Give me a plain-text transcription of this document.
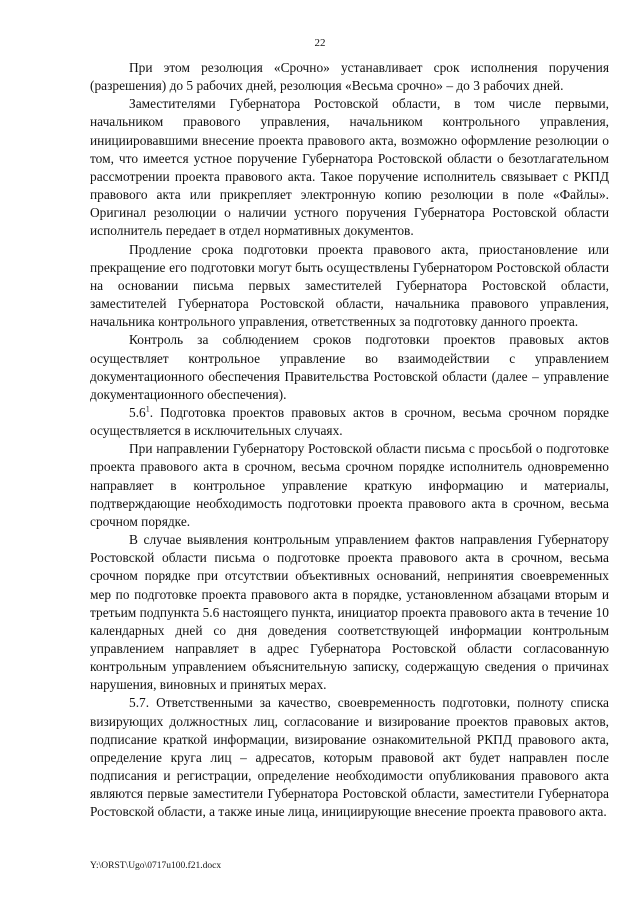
22

При этом резолюция «Срочно» устанавливает срок исполнения поручения (разрешения) до 5 рабочих дней, резолюция «Весьма срочно» – до 3 рабочих дней.

Заместителями Губернатора Ростовской области, в том числе первыми, начальником правового управления, начальником контрольного управления, инициировавшими внесение проекта правового акта, возможно оформление резолюции о том, что имеется устное поручение Губернатора Ростовской области о безотлагательном рассмотрении проекта правового акта. Такое поручение исполнитель связывает с РКПД правового акта или прикрепляет электронную копию резолюции в поле «Файлы». Оригинал резолюции о наличии устного поручения Губернатора Ростовской области исполнитель передает в отдел нормативных документов.

Продление срока подготовки проекта правового акта, приостановление или прекращение его подготовки могут быть осуществлены Губернатором Ростовской области на основании письма первых заместителей Губернатора Ростовской области, заместителей Губернатора Ростовской области, начальника правового управления, начальника контрольного управления, ответственных за подготовку данного проекта.

Контроль за соблюдением сроков подготовки проектов правовых актов осуществляет контрольное управление во взаимодействии с управлением документационного обеспечения Правительства Ростовской области (далее – управление документационного обеспечения).

$5.6^1$. Подготовка проектов правовых актов в срочном, весьма срочном порядке осуществляется в исключительных случаях.

При направлении Губернатору Ростовской области письма с просьбой о подготовке проекта правового акта в срочном, весьма срочном порядке исполнитель одновременно направляет в контрольное управление краткую информацию и материалы, подтверждающие необходимость подготовки проекта правового акта в срочном, весьма срочном порядке.

В случае выявления контрольным управлением фактов направления Губернатору Ростовской области письма о подготовке проекта правового акта в срочном, весьма срочном порядке при отсутствии объективных оснований, непринятия своевременных мер по подготовке проекта правового акта в порядке, установленном абзацами вторым и третьим подпункта 5.6 настоящего пункта, инициатор проекта правового акта в течение 10 календарных дней со дня доведения соответствующей информации контрольным управлением направляет в адрес Губернатора Ростовской области согласованную контрольным управлением объяснительную записку, содержащую сведения о причинах нарушения, виновных и принятых мерах.

5.7. Ответственными за качество, своевременность подготовки, полноту списка визирующих должностных лиц, согласование и визирование проектов правовых актов, подписание краткой информации, визирование ознакомительной РКПД правового акта, определение круга лиц – адресатов, которым правовой акт будет направлен после подписания и регистрации, определение необходимости опубликования правового акта являются первые заместители Губернатора Ростовской области, заместители Губернатора Ростовской области, а также иные лица, инициирующие внесение проекта правового акта.

Y:\ORST\Ugo\0717u100.f21.docx
